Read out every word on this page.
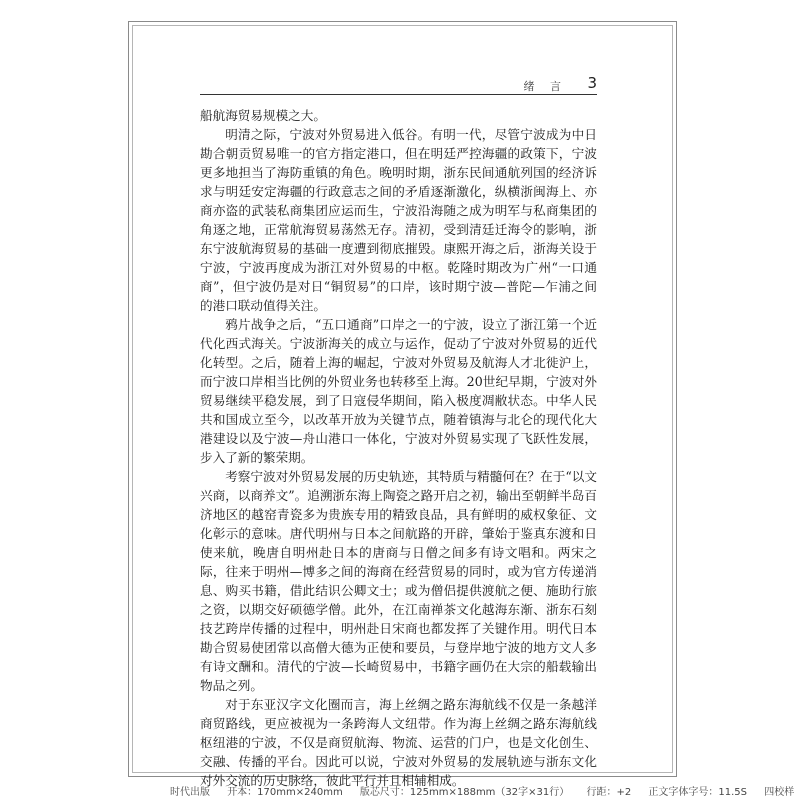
绪 言 3

船航海贸易规模之大。

明清之际，宁波对外贸易进入低谷。有明一代，尽管宁波成为中日勘合朝贡贸易唯一的官方指定港口，但在明廷严控海疆的政策下，宁波更多地担当了海防重镇的角色。晚明时期，浙东民间通航列国的经济诉求与明廷安定海疆的行政意志之间的矛盾逐渐激化，纵横浙闽海上、亦商亦盗的武装私商集团应运而生，宁波沿海随之成为明军与私商集团的角逐之地，正常航海贸易荡然无存。清初，受到清廷迁海令的影响，浙东宁波航海贸易的基础一度遭到彻底摧毁。康熙开海之后，浙海关设于宁波，宁波再度成为浙江对外贸易的中枢。乾隆时期改为广州“一口通商”，但宁波仍是对日“铜贸易”的口岸，该时期宁波—普陀—乍浦之间的港口联动值得关注。

鸦片战争之后，“五口通商”口岸之一的宁波，设立了浙江第一个近代化西式海关。宁波浙海关的成立与运作，促动了宁波对外贸易的近代化转型。之后，随着上海的崛起，宁波对外贸易及航海人才北徙沪上，而宁波口岸相当比例的外贸业务也转移至上海。20世纪早期，宁波对外贸易继续平稳发展，到了日寇侵华期间，陷入极度凋敝状态。中华人民共和国成立至今，以改革开放为关键节点，随着镇海与北仑的现代化大港建设以及宁波—舟山港口一体化，宁波对外贸易实现了飞跃性发展，步入了新的繁荣期。

考察宁波对外贸易发展的历史轨迹，其特质与精髓何在？在于“以文兴商，以商养文”。追溯浙东海上陶瓷之路开启之初，输出至朝鲜半岛百济地区的越窑青瓷多为贵族专用的精致良品，具有鲜明的威权象征、文化彰示的意味。唐代明州与日本之间航路的开辟，肇始于鉴真东渡和日使来航，晚唐自明州赴日本的唐商与日僧之间多有诗文唱和。两宋之际，往来于明州—博多之间的海商在经营贸易的同时，或为官方传递消息、购买书籍，借此结识公卿文士；或为僧侣提供渡航之便、施助行旅之资，以期交好硕德学僧。此外，在江南禅茶文化越海东渐、浙东石刻技艺跨岸传播的过程中，明州赴日宋商也都发挥了关键作用。明代日本勘合贸易使团常以高僧大德为正使和要员，与登岸地宁波的地方文人多有诗文酬和。清代的宁波—长崎贸易中，书籍字画仍在大宗的船载输出物品之列。

对于东亚汉字文化圈而言，海上丝绸之路东海航线不仅是一条越洋商贸路线，更应被视为一条跨海人文纽带。作为海上丝绸之路东海航线枢纽港的宁波，不仅是商贸航海、物流、运营的门户，也是文化创生、交融、传播的平台。因此可以说，宁波对外贸易的发展轨迹与浙东文化对外交流的历史脉络，彼此平行并且相辅相成。

时代出版 开本：170mm×240mm 版芯尺寸：125mm×188mm（32字×31行） 行距：+2 正文字体字号：11.5S 四校样
